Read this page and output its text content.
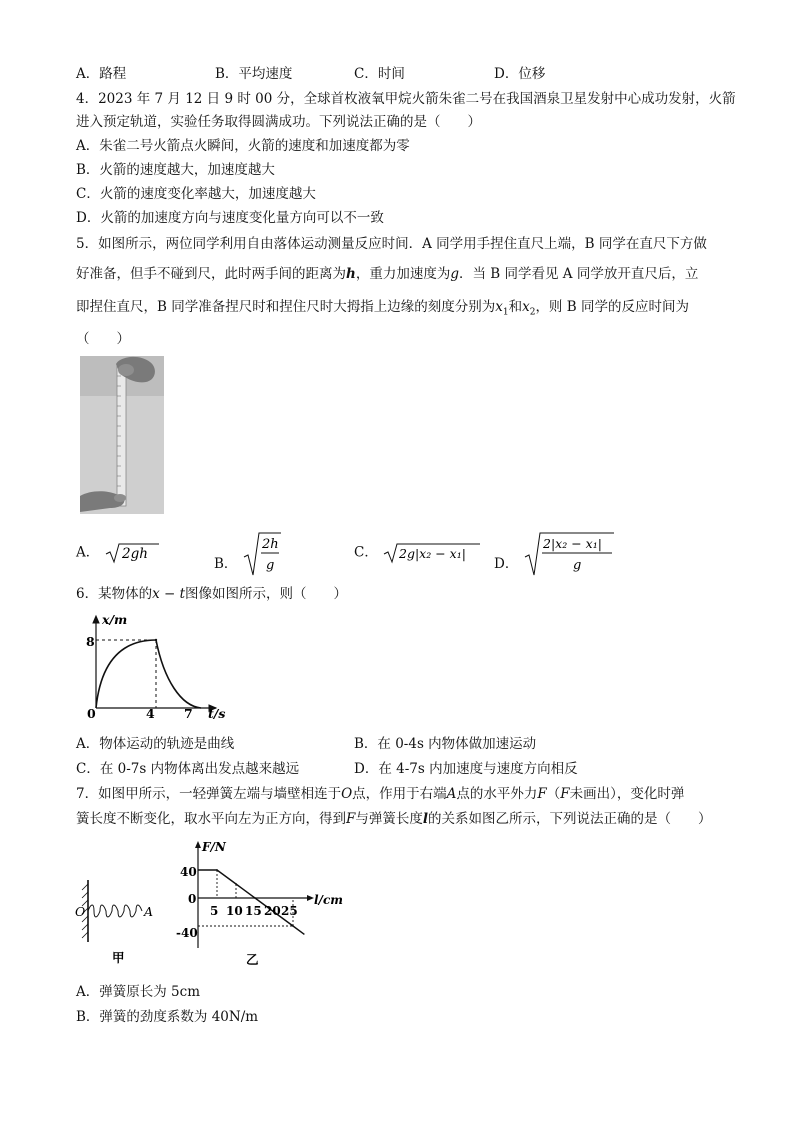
A．路程	B．平均速度	C．时间	D．位移
4．2023 年 7 月 12 日 9 时 00 分，全球首枚液氧甲烷火箭朱雀二号在我国酒泉卫星发射中心成功发射，火箭
进入预定轨道，实验任务取得圆满成功。下列说法正确的是（　　）
A．朱雀二号火箭点火瞬间，火箭的速度和加速度都为零
B．火箭的速度越大，加速度越大
C．火箭的速度变化率越大，加速度越大
D．火箭的加速度方向与速度变化量方向可以不一致
5．如图所示，两位同学利用自由落体运动测量反应时间．A 同学用手捏住直尺上端，B 同学在直尺下方做
好准备，但手不碰到尺，此时两手间的距离为h，重力加速度为g．当 B 同学看见 A 同学放开直尺后，立
即捏住直尺，B 同学准备捏尺时和捏住尺时大拇指上边缘的刻度分别为$x_1$和$x_2$，则 B 同学的反应时间为
（　　）
A． 2gh
B．
2h
g
C． 2g|x₂ − x₁|
D．
2|x₂ − x₁|
g
6．某物体的x − t图像如图所示，则（　　）
x/m
8
0	4 7 t/s
A．物体运动的轨迹是曲线	B．在 0-4s 内物体做加速运动
C．在 0-7s 内物体离出发点越来越远	D．在 4-7s 内加速度与速度方向相反
7．如图甲所示，一轻弹簧左端与墙壁相连于O点，作用于右端A点的水平外力F（F未画出），变化时弹
簧长度不断变化，取水平向左为正方向，得到F与弹簧长度l的关系如图乙所示，下列说法正确的是（　　）
O	A
甲
F/N
l/cm
40
0
-40
5 10 15 20 25
乙
A．弹簧原长为 5cm
B．弹簧的劲度系数为 40N/m
